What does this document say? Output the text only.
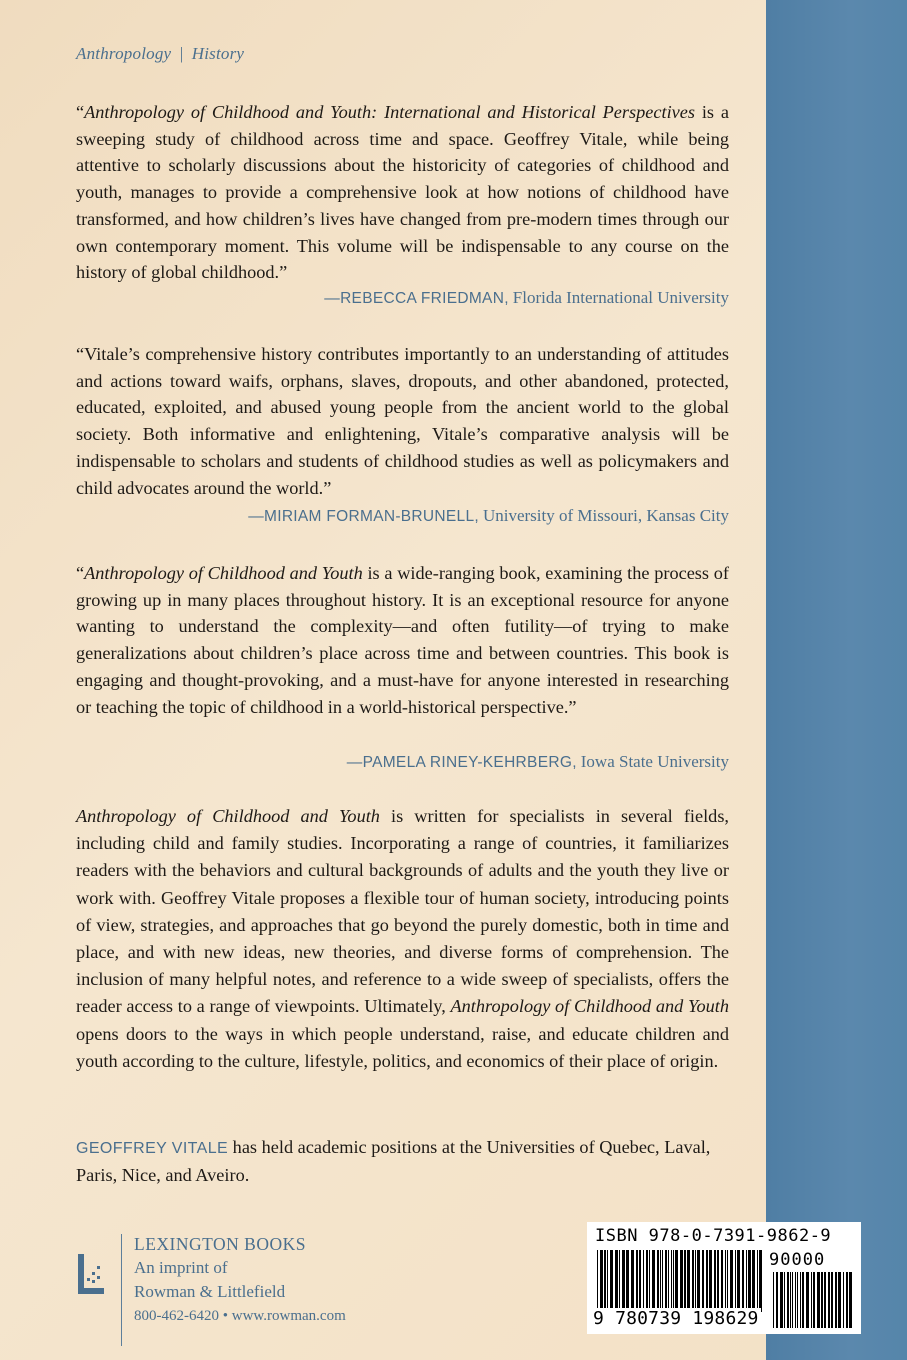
Anthropology | History
“Anthropology of Childhood and Youth: International and Historical Perspectives is a sweeping study of childhood across time and space. Geoffrey Vitale, while being attentive to scholarly discussions about the historicity of categories of childhood and youth, manages to provide a comprehensive look at how notions of childhood have transformed, and how children’s lives have changed from pre-modern times through our own contemporary moment. This volume will be indispensable to any course on the history of global childhood.”
—REBECCA FRIEDMAN, Florida International University
“Vitale’s comprehensive history contributes importantly to an understanding of attitudes and actions toward waifs, orphans, slaves, dropouts, and other abandoned, protected, educated, exploited, and abused young people from the ancient world to the global society. Both informative and enlightening, Vitale’s comparative analysis will be indispensable to scholars and students of childhood studies as well as policymakers and child advocates around the world.”
—MIRIAM FORMAN-BRUNELL, University of Missouri, Kansas City
“Anthropology of Childhood and Youth is a wide-ranging book, examining the process of growing up in many places throughout history. It is an exceptional resource for anyone wanting to understand the complexity—and often futility—of trying to make generalizations about children’s place across time and between countries. This book is engaging and thought-provoking, and a must-have for anyone interested in researching or teaching the topic of childhood in a world-historical perspective.”
—PAMELA RINEY-KEHRBERG, Iowa State University
Anthropology of Childhood and Youth is written for specialists in several fields, including child and family studies. Incorporating a range of countries, it familiarizes readers with the behaviors and cultural backgrounds of adults and the youth they live or work with. Geoffrey Vitale proposes a flexible tour of human society, introducing points of view, strategies, and approaches that go beyond the purely domestic, both in time and place, and with new ideas, new theories, and diverse forms of comprehension. The inclusion of many helpful notes, and reference to a wide sweep of specialists, offers the reader access to a range of viewpoints. Ultimately, Anthropology of Childhood and Youth opens doors to the ways in which people understand, raise, and educate children and youth according to the culture, lifestyle, politics, and economics of their place of origin.
GEOFFREY VITALE has held academic positions at the Universities of Quebec, Laval, Paris, Nice, and Aveiro.
LEXINGTON BOOKS
An imprint of
Rowman & Littlefield
800-462-6420 • www.rowman.com
ISBN 978-0-7391-9862-9
9 780739 198629
90000
